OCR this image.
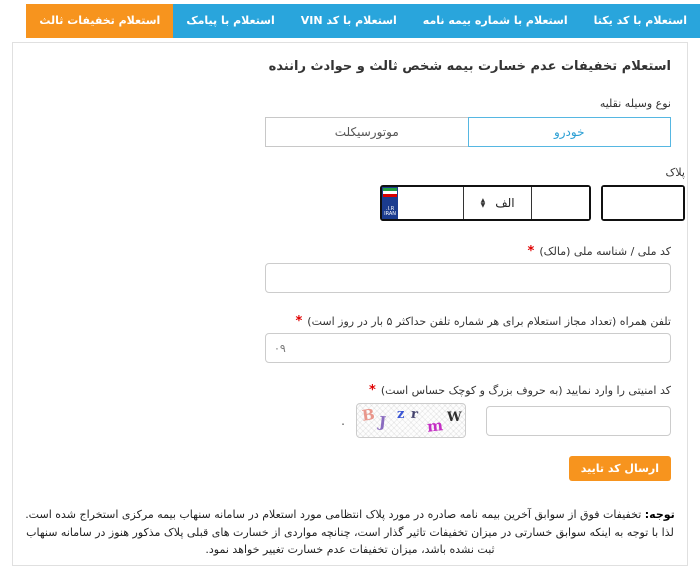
استعلام با کد یکتا
استعلام با شماره بیمه نامه
استعلام با کد VIN
استعلام با پیامک
استعلام تخفیفات ثالث
استعلام تخفیفات عدم خسارت بیمه شخص ثالث و حوادث راننده
نوع وسیله نقلیه
خودرو
موتورسیکلت
پلاک
الف
▲
▼
I.R.
IRAN
کد ملی / شناسه ملی (مالک)
*
تلفن همراه (تعداد مجاز استعلام برای هر شماره تلفن حداکثر ۵ بار در روز است)
*
۰۹
کد امنیتی را وارد نمایید (به حروف بزرگ و کوچک حساس است)
*
B J z r
m W
.
ارسال کد تایید
توجه: تخفیفات فوق از سوابق آخرین بیمه نامه صادره در مورد پلاک انتظامی مورد استعلام در سامانه سنهاب بیمه مرکزی استخراج شده است. لذا با توجه به اینکه سوابق خسارتی در میزان تخفیفات تاثیر گذار است، چنانچه مواردی از خسارت های قبلی پلاک مذکور هنوز در سامانه سنهاب ثبت نشده باشد، میزان تخفیفات عدم خسارت تغییر خواهد نمود.
